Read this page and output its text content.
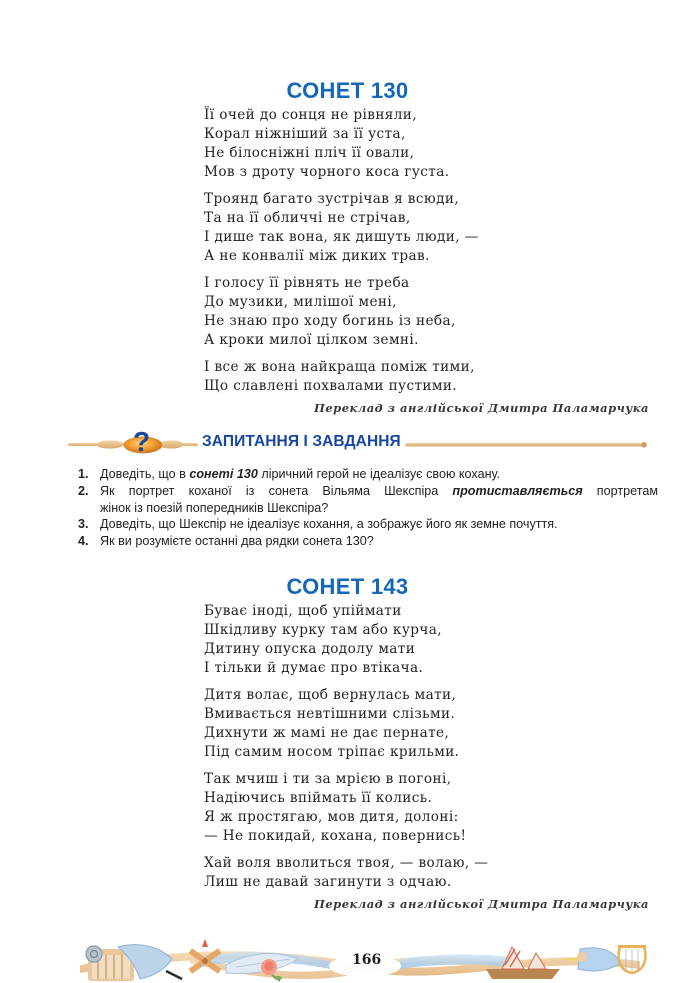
СОНЕТ 130
Її очей до сонця не рівняли,
Корал ніжніший за її уста,
Не білосніжні пліч її овали,
Мов з дроту чорного коса густа.
Троянд багато зустрічав я всюди,
Та на її обличчі не стрічав,
І дише так вона, як дишуть люди, —
А не конвалії між диких трав.
І голосу її рівнять не треба
До музики, милішої мені,
Не знаю про ходу богинь із неба,
А кроки милої цілком земні.
І все ж вона найкраща поміж тими,
Що славлені похвалами пустими.
Переклад з англійської Дмитра Паламарчука
?	ЗАПИТАННЯ І ЗАВДАННЯ
1. Доведіть, що в сонеті 130 ліричний герой не ідеалізує свою кохану.
2. Як портрет коханої із сонета Вільяма Шекспіра протиставляється портретам
жінок із поезій попередників Шекспіра?
3. Доведіть, що Шекспір не ідеалізує кохання, а зображує його як земне почуття.
4. Як ви розумієте останні два рядки сонета 130?
СОНЕТ 143
Буває іноді, щоб упіймати
Шкідливу курку там або курча,
Дитину опуска додолу мати
І тільки й думає про втікача.
Дитя волає, щоб вернулась мати,
Вмивається невтішними слізьми.
Дихнути ж мамі не дає пернате,
Під самим носом тріпає крильми.
Так мчиш і ти за мрією в погоні,
Надіючись впіймать її колись.
Я ж простягаю, мов дитя, долоні:
— Не покидай, кохана, повернись!
Хай воля вволиться твоя, — волаю, —
Лиш не давай загинути з одчаю.
Переклад з англійської Дмитра Паламарчука
166
